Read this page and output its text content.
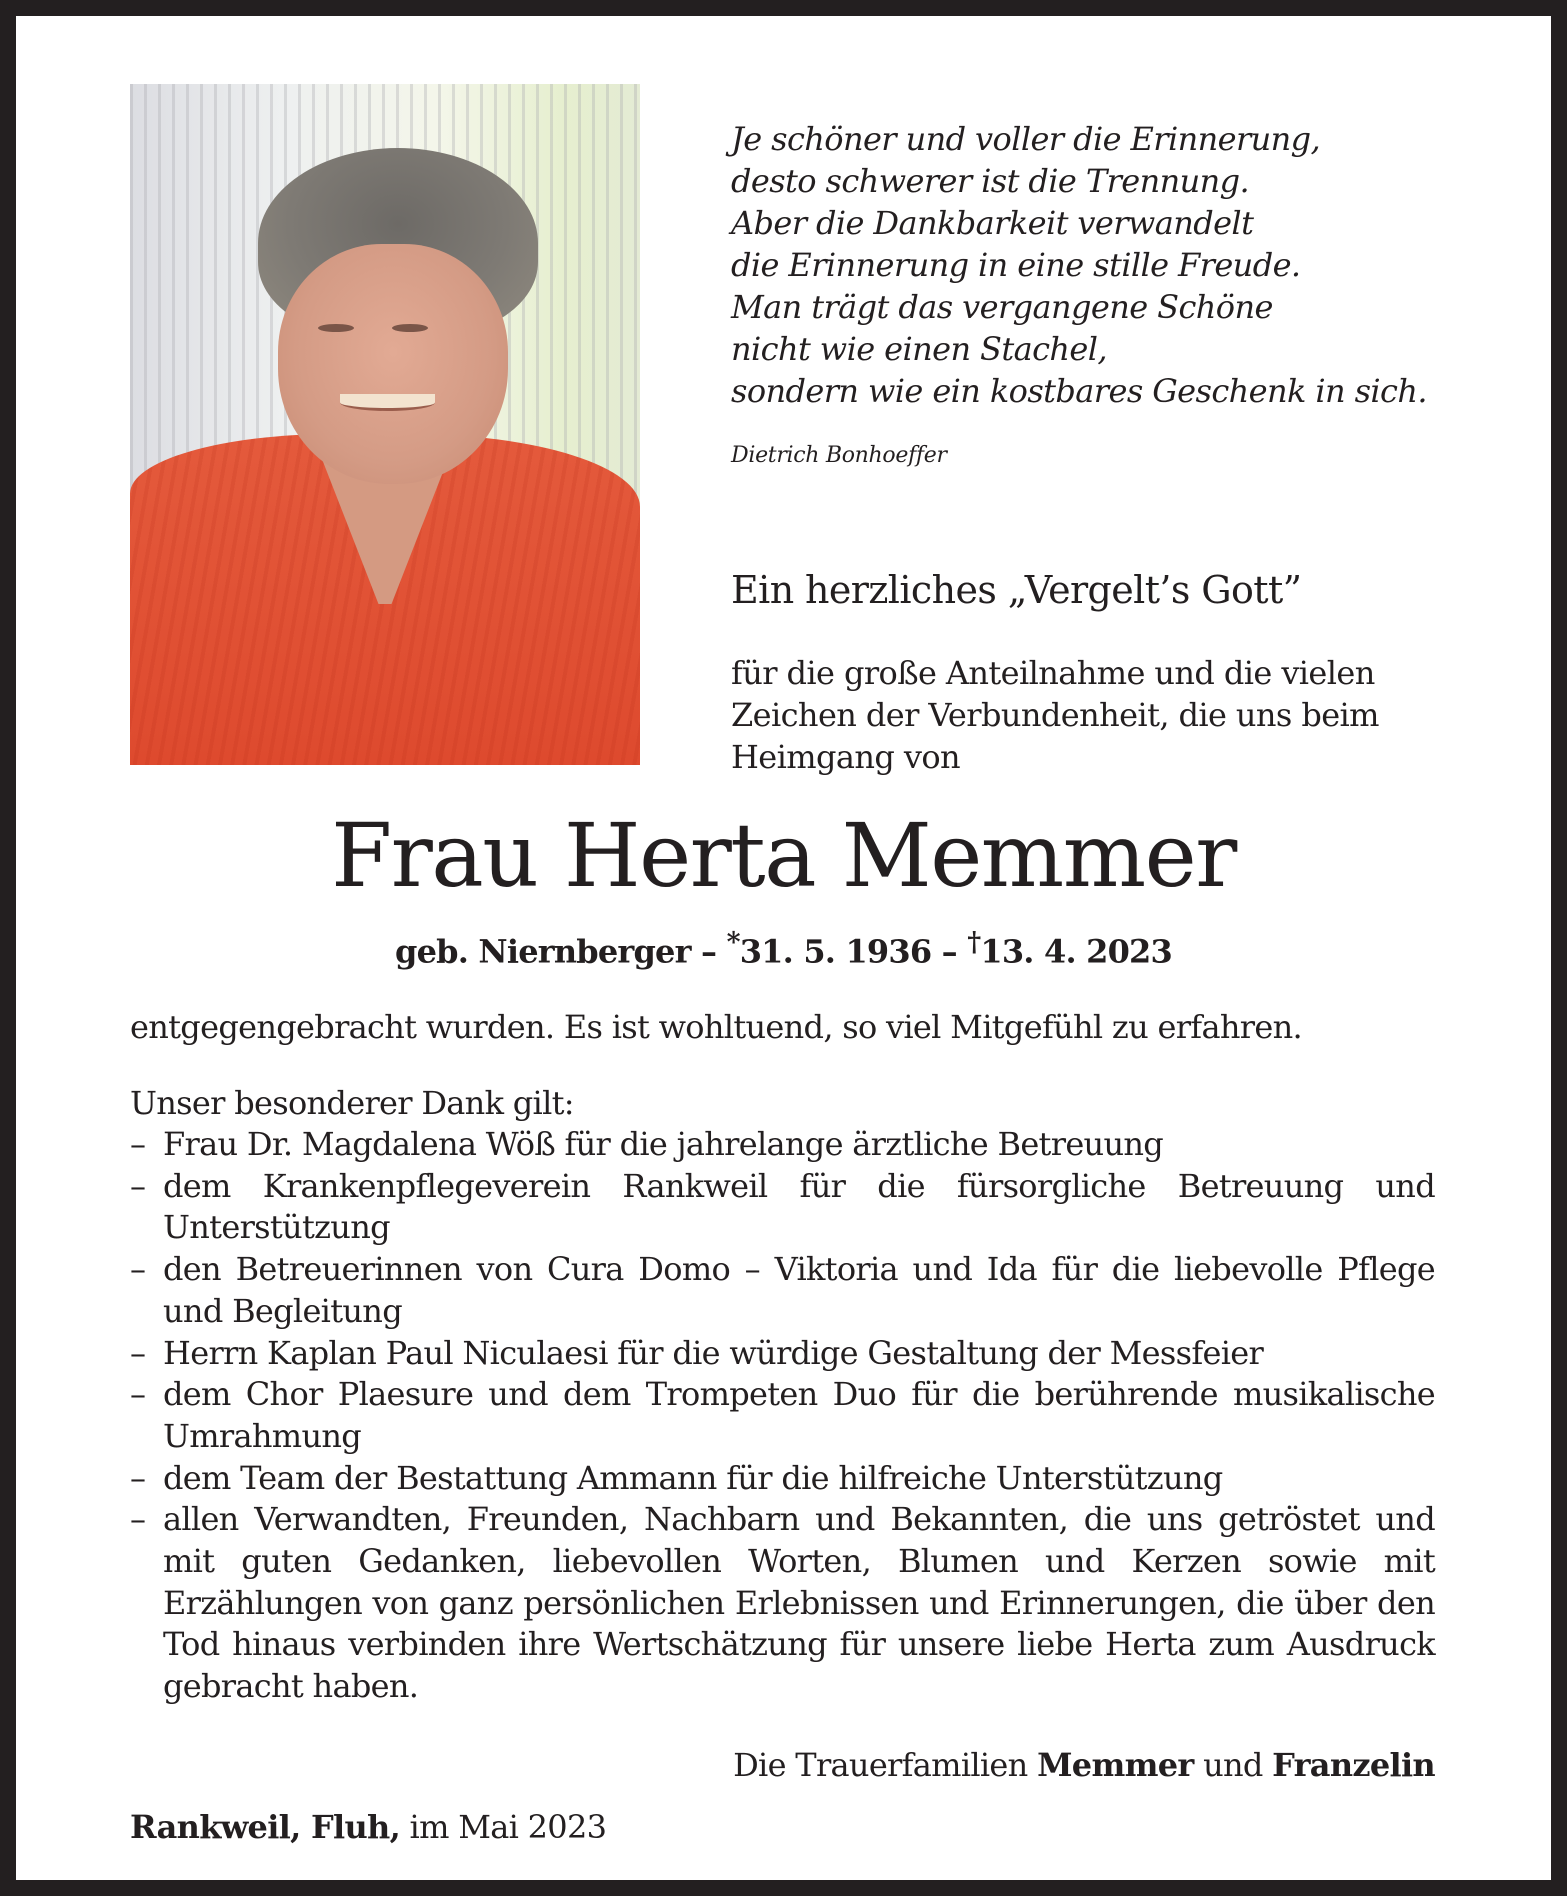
Je schöner und voller die Erinnerung,
desto schwerer ist die Trennung.
Aber die Dankbarkeit verwandelt
die Erinnerung in eine stille Freude.
Man trägt das vergangene Schöne
nicht wie einen Stachel,
sondern wie ein kostbares Geschenk in sich.
Dietrich Bonhoeffer
Ein herzliches „Vergelt’s Gott”
für die große Anteilnahme und die vielen
Zeichen der Verbundenheit, die uns beim
Heimgang von
Frau Herta Memmer
geb. Niernberger – *31. 5. 1936 – †13. 4. 2023
entgegengebracht wurden. Es ist wohltuend, so viel Mitgefühl zu erfahren.
Unser besonderer Dank gilt:
– Frau Dr. Magdalena Wöß für die jahrelange ärztliche Betreuung
– dem Krankenpflegeverein Rankweil für die fürsorgliche Betreuung und Unterstützung
– den Betreuerinnen von Cura Domo – Viktoria und Ida für die liebevolle Pflege und Begleitung
– Herrn Kaplan Paul Niculaesi für die würdige Gestaltung der Messfeier
– dem Chor Plaesure und dem Trompeten Duo für die berührende musikalische Umrahmung
– dem Team der Bestattung Ammann für die hilfreiche Unterstützung
– allen Verwandten, Freunden, Nachbarn und Bekannten, die uns getröstet und mit guten Gedanken, liebevollen Worten, Blumen und Kerzen sowie mit Erzählungen von ganz persönlichen Erlebnissen und Erinnerungen, die über den Tod hinaus verbinden ihre Wertschätzung für unsere liebe Herta zum Ausdruck gebracht haben.
Die Trauerfamilien Memmer und Franzelin
Rankweil, Fluh, im Mai 2023
